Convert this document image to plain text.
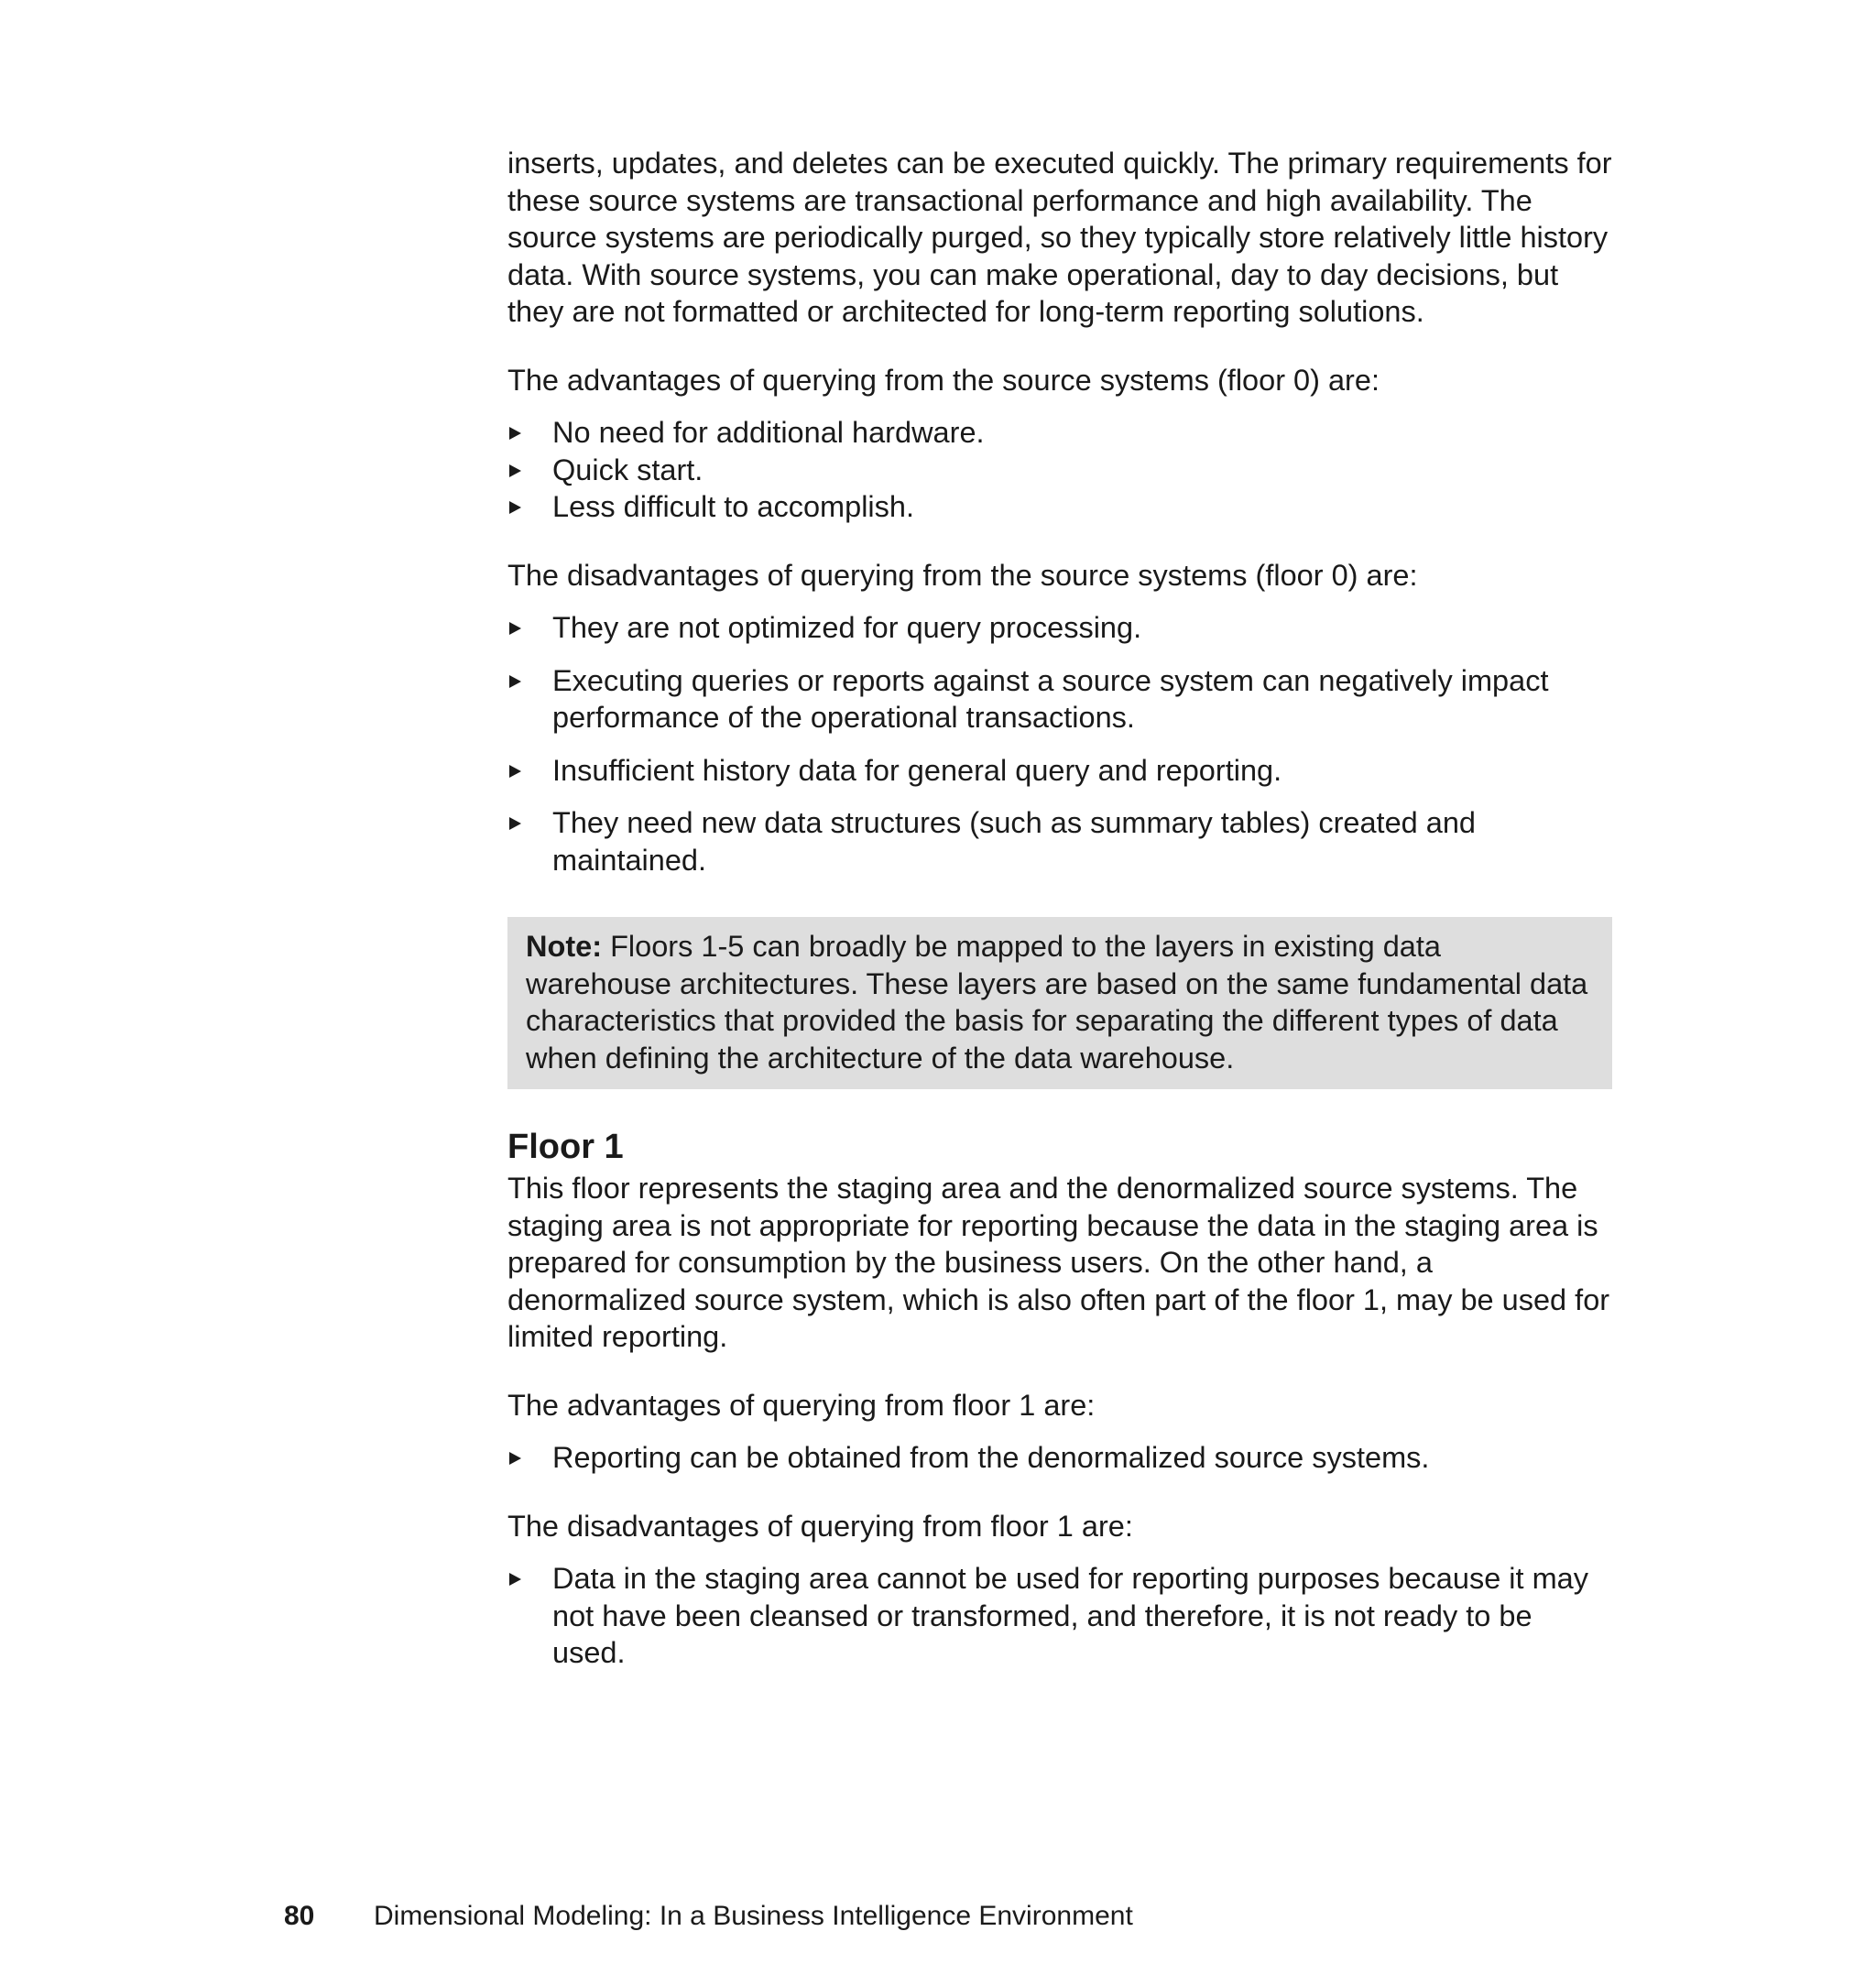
inserts, updates, and deletes can be executed quickly. The primary requirements for these source systems are transactional performance and high availability. The source systems are periodically purged, so they typically store relatively little history data. With source systems, you can make operational, day to day decisions, but they are not formatted or architected for long-term reporting solutions.

The advantages of querying from the source systems (floor 0) are:

No need for additional hardware.
Quick start.
Less difficult to accomplish.

The disadvantages of querying from the source systems (floor 0) are:

They are not optimized for query processing.
Executing queries or reports against a source system can negatively impact performance of the operational transactions.
Insufficient history data for general query and reporting.
They need new data structures (such as summary tables) created and maintained.
Note: Floors 1-5 can broadly be mapped to the layers in existing data warehouse architectures. These layers are based on the same fundamental data characteristics that provided the basis for separating the different types of data when defining the architecture of the data warehouse.
Floor 1

This floor represents the staging area and the denormalized source systems. The staging area is not appropriate for reporting because the data in the staging area is prepared for consumption by the business users. On the other hand, a denormalized source system, which is also often part of the floor 1, may be used for limited reporting.

The advantages of querying from floor 1 are:

Reporting can be obtained from the denormalized source systems.

The disadvantages of querying from floor 1 are:

Data in the staging area cannot be used for reporting purposes because it may not have been cleansed or transformed, and therefore, it is not ready to be used.
80 Dimensional Modeling: In a Business Intelligence Environment
